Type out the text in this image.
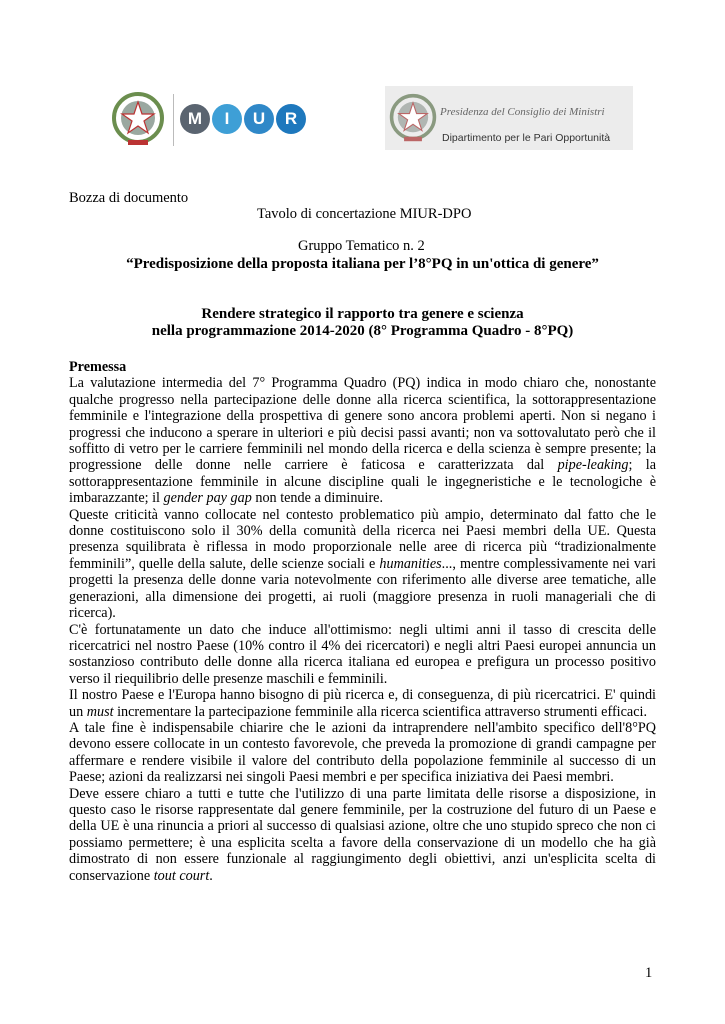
M	I	U	R	Presidenza del Consiglio dei Ministri
Dipartimento per le Pari Opportunità
Bozza di documento
Tavolo di concertazione MIUR-DPO
Gruppo Tematico n. 2
“Predisposizione della proposta italiana per l’8°PQ in un'ottica di genere”
Rendere strategico il rapporto tra genere e scienza
nella programmazione 2014-2020 (8° Programma Quadro - 8°PQ)

Premessa

La valutazione intermedia del 7° Programma Quadro (PQ) indica in modo chiaro che, nonostante qualche progresso nella partecipazione delle donne alla ricerca scientifica, la sottorappresentazione femminile e l'integrazione della prospettiva di genere sono ancora problemi aperti. Non si negano i progressi che inducono a sperare in ulteriori e più decisi passi avanti; non va sottovalutato però che il soffitto di vetro per le carriere femminili nel mondo della ricerca e della scienza è sempre presente; la progressione delle donne nelle carriere è faticosa e caratterizzata dal pipe-leaking; la sottorappresentazione femminile in alcune discipline quali le ingegneristiche e le tecnologiche è imbarazzante; il gender pay gap non tende a diminuire.

Queste criticità vanno collocate nel contesto problematico più ampio, determinato dal fatto che le donne costituiscono solo il 30% della comunità della ricerca nei Paesi membri della UE. Questa presenza squilibrata è riflessa in modo proporzionale nelle aree di ricerca più “tradizionalmente femminili”, quelle della salute, delle scienze sociali e humanities..., mentre complessivamente nei vari progetti la presenza delle donne varia notevolmente con riferimento alle diverse aree tematiche, alle generazioni, alla dimensione dei progetti, ai ruoli (maggiore presenza in ruoli manageriali che di ricerca).

C'è fortunatamente un dato che induce all'ottimismo: negli ultimi anni il tasso di crescita delle ricercatrici nel nostro Paese (10% contro il 4% dei ricercatori) e negli altri Paesi europei annuncia un sostanzioso contributo delle donne alla ricerca italiana ed europea e prefigura un processo positivo verso il riequilibrio delle presenze maschili e femminili.

Il nostro Paese e l'Europa hanno bisogno di più ricerca e, di conseguenza, di più ricercatrici. E' quindi un must incrementare la partecipazione femminile alla ricerca scientifica attraverso strumenti efficaci.

A tale fine è indispensabile chiarire che le azioni da intraprendere nell'ambito specifico dell'8°PQ devono essere collocate in un contesto favorevole, che preveda la promozione di grandi campagne per affermare e rendere visibile il valore del contributo della popolazione femminile al successo di un Paese; azioni da realizzarsi nei singoli Paesi membri e per specifica iniziativa dei Paesi membri.

Deve essere chiaro a tutti e tutte che l'utilizzo di una parte limitata delle risorse a disposizione, in questo caso le risorse rappresentate dal genere femminile, per la costruzione del futuro di un Paese e della UE è una rinuncia a priori al successo di qualsiasi azione, oltre che uno stupido spreco che non ci possiamo permettere; è una esplicita scelta a favore della conservazione di un modello che ha già dimostrato di non essere funzionale al raggiungimento degli obiettivi, anzi un'esplicita scelta di conservazione tout court.

1
